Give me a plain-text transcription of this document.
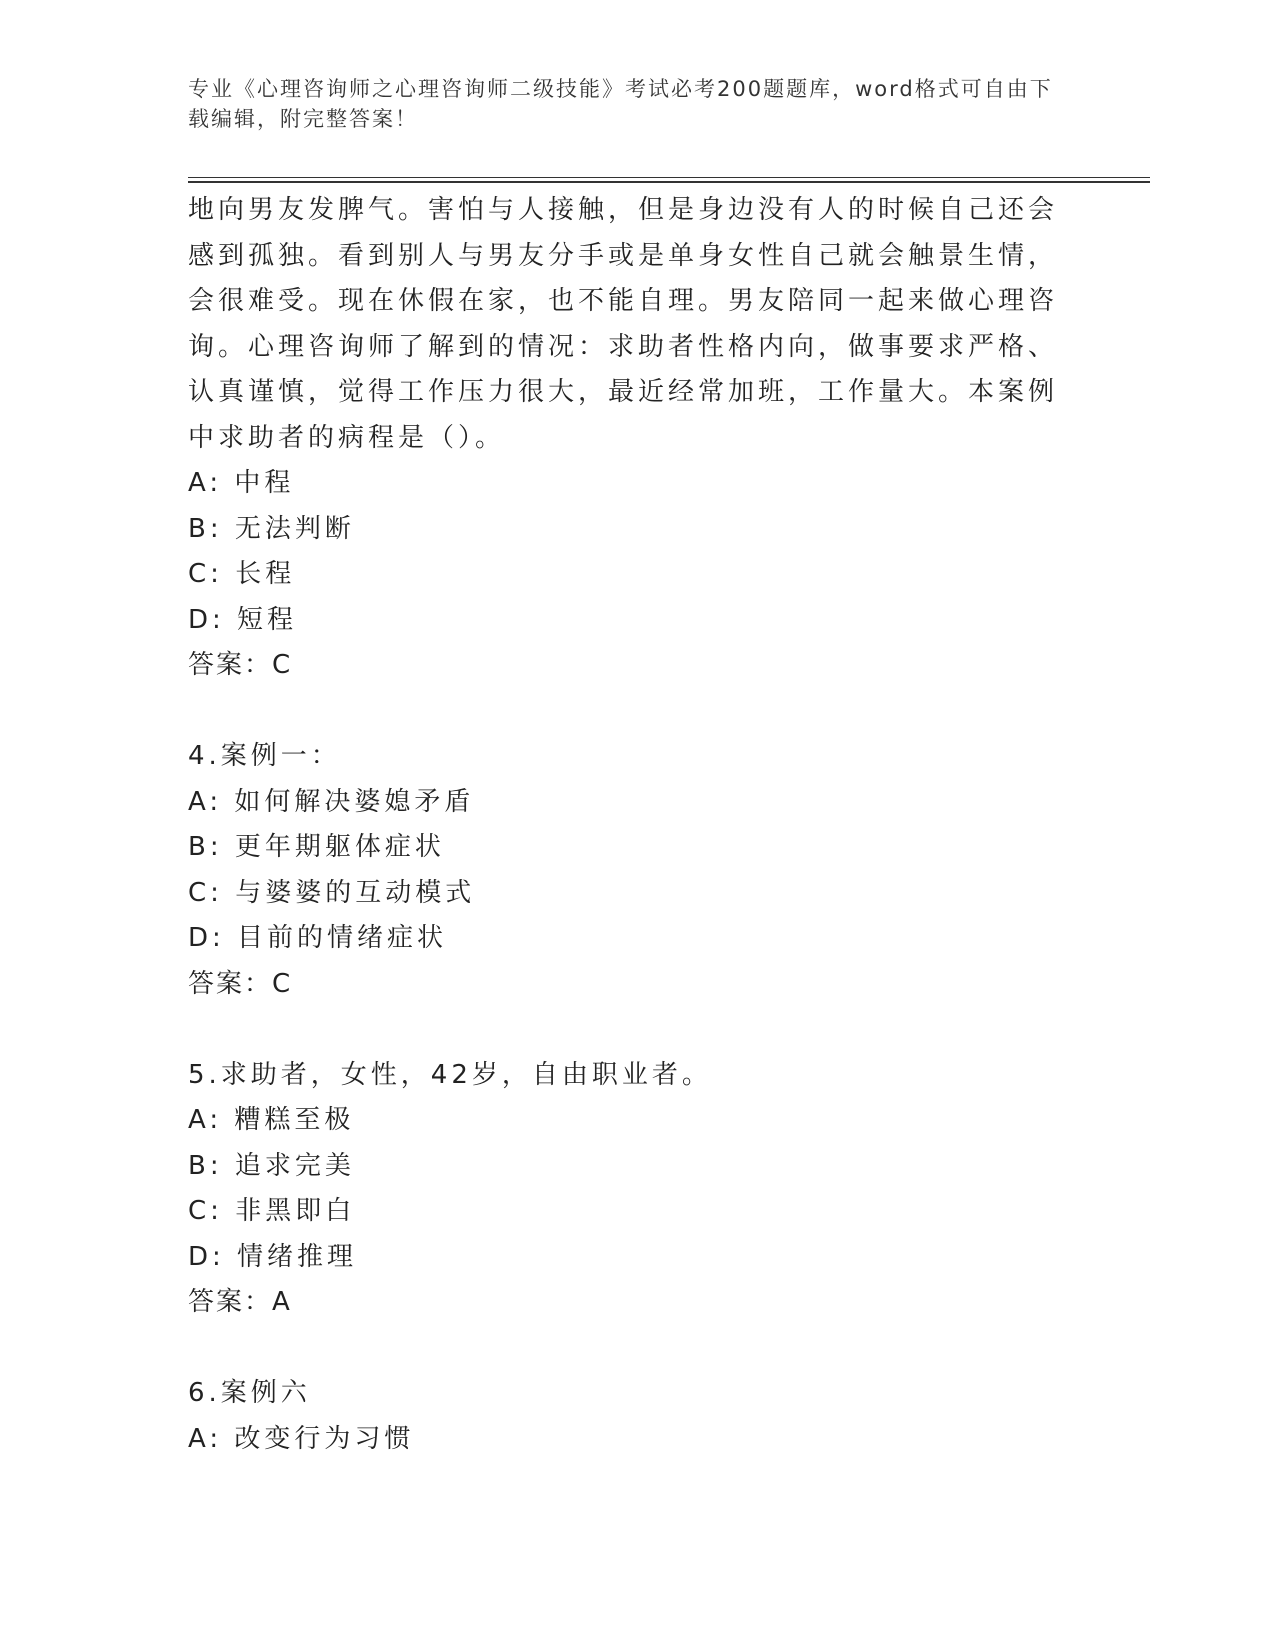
专业《心理咨询师之心理咨询师二级技能》考试必考200题题库，word格式可自由下载编辑，附完整答案！

地向男友发脾气。害怕与人接触，但是身边没有人的时候自己还会感到孤独。看到别人与男友分手或是单身女性自己就会触景生情，会很难受。现在休假在家，也不能自理。男友陪同一起来做心理咨询。心理咨询师了解到的情况：求助者性格内向，做事要求严格、认真谨慎，觉得工作压力很大，最近经常加班，工作量大。本案例中求助者的病程是（）。

A: 中程

B: 无法判断

C: 长程

D: 短程

答案：C

4.案例一：

A: 如何解决婆媳矛盾

B: 更年期躯体症状

C: 与婆婆的互动模式

D: 目前的情绪症状

答案：C

5.求助者，女性，42岁，自由职业者。

A: 糟糕至极

B: 追求完美

C: 非黑即白

D: 情绪推理

答案：A

6.案例六

A: 改变行为习惯
